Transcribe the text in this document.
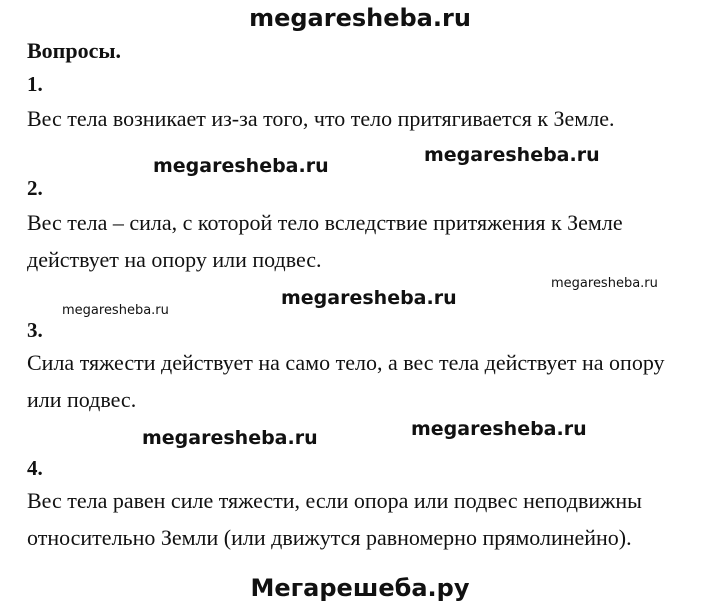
megaresheba.ru
Вопросы.
1.
Вес тела возникает из-за того, что тело притягивается к Земле.
megaresheba.ru	megaresheba.ru
2.
Вес тела – сила, с которой тело вследствие притяжения к Земле
действует на опору или подвес.
megaresheba.ru
megaresheba.ru
megaresheba.ru
3.
Сила тяжести действует на само тело, а вес тела действует на опору
или подвес.
megaresheba.ru	megaresheba.ru
4.
Вес тела равен силе тяжести, если опора или подвес неподвижны
относительно Земли (или движутся равномерно прямолинейно).
Мегарешеба.ру
